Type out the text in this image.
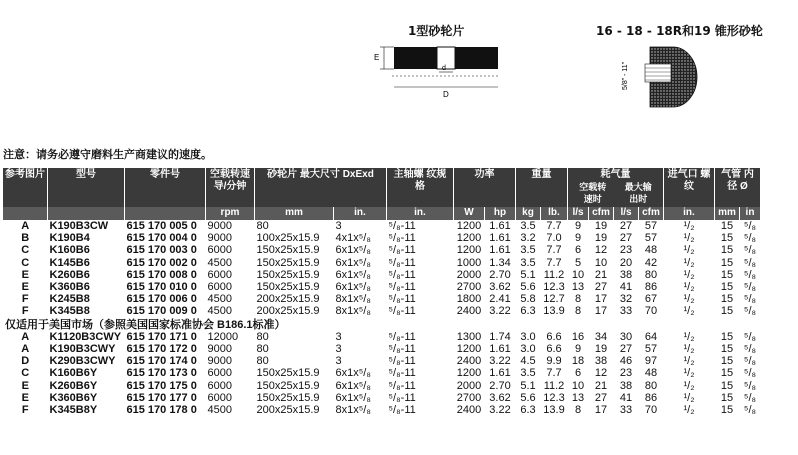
1型砂轮片
E
d
D
16 - 18 - 18R和19 锥形砂轮
5/8" - 11"
注意：请务必遵守磨料生产商建议的速度。
参考图片	型号	零件号	空载转速 导/分钟	砂轮片 最大尺寸 DxExd		主轴螺 纹规格	功率		重量		耗气量
空载转 速时
最大输 出时				进气口 螺纹	气管 内径 Ø	
			rpm	mm	in.	in.	W	hp	kg	lb.	l/s	cfm	l/s	cfm	in.	mm	in
A	K190B3CW	615 170 005 0	9000	80	3	⁵/₈-11	1200	1.61	3.5	7.7	9	19	27	57	¹/₂	15	⁵/₈
B	K190B4	615 170 004 0	9000	100x25x15.9	4x1x⁵/₈	⁵/₈-11	1200	1.61	3.2	7.0	9	19	27	57	¹/₂	15	⁵/₈
C	K160B6	615 170 003 0	6000	150x25x15.9	6x1x⁵/₈	⁵/₈-11	1200	1.61	3.5	7.7	6	12	23	48	¹/₂	15	⁵/₈
C	K145B6	615 170 002 0	4500	150x25x15.9	6x1x⁵/₈	⁵/₈-11	1000	1.34	3.5	7.7	5	10	20	42	¹/₂	15	⁵/₈
E	K260B6	615 170 008 0	6000	150x25x15.9	6x1x⁵/₈	⁵/₈-11	2000	2.70	5.1	11.2	10	21	38	80	¹/₂	15	⁵/₈
E	K360B6	615 170 010 0	6000	150x25x15.9	6x1x⁵/₈	⁵/₈-11	2700	3.62	5.6	12.3	13	27	41	86	¹/₂	15	⁵/₈
F	K245B8	615 170 006 0	4500	200x25x15.9	8x1x⁵/₈	⁵/₈-11	1800	2.41	5.8	12.7	8	17	32	67	¹/₂	15	⁵/₈
F	K345B8	615 170 009 0	4500	200x25x15.9	8x1x⁵/₈	⁵/₈-11	2400	3.22	6.3	13.9	8	17	33	70	¹/₂	15	⁵/₈
仅适用于美国市场（参照美国国家标准协会 B186.1标准）																	
A	K1120B3CWY	615 170 171 0	12000	80	3	⁵/₈-11	1300	1.74	3.0	6.6	16	34	30	64	¹/₂	15	⁵/₈
A	K190B3CWY	615 170 172 0	9000	80	3	⁵/₈-11	1200	1.61	3.0	6.6	9	19	27	57	¹/₂	15	⁵/₈
D	K290B3CWY	615 170 174 0	9000	80	3	⁵/₈-11	2400	3.22	4.5	9.9	18	38	46	97	¹/₂	15	⁵/₈
C	K160B6Y	615 170 173 0	6000	150x25x15.9	6x1x⁵/₈	⁵/₈-11	1200	1.61	3.5	7.7	6	12	23	48	¹/₂	15	⁵/₈
E	K260B6Y	615 170 175 0	6000	150x25x15.9	6x1x⁵/₈	⁵/₈-11	2000	2.70	5.1	11.2	10	21	38	80	¹/₂	15	⁵/₈
E	K360B6Y	615 170 177 0	6000	150x25x15.9	6x1x⁵/₈	⁵/₈-11	2700	3.62	5.6	12.3	13	27	41	86	¹/₂	15	⁵/₈
F	K345B8Y	615 170 178 0	4500	200x25x15.9	8x1x⁵/₈	⁵/₈-11	2400	3.22	6.3	13.9	8	17	33	70	¹/₂	15	⁵/₈
